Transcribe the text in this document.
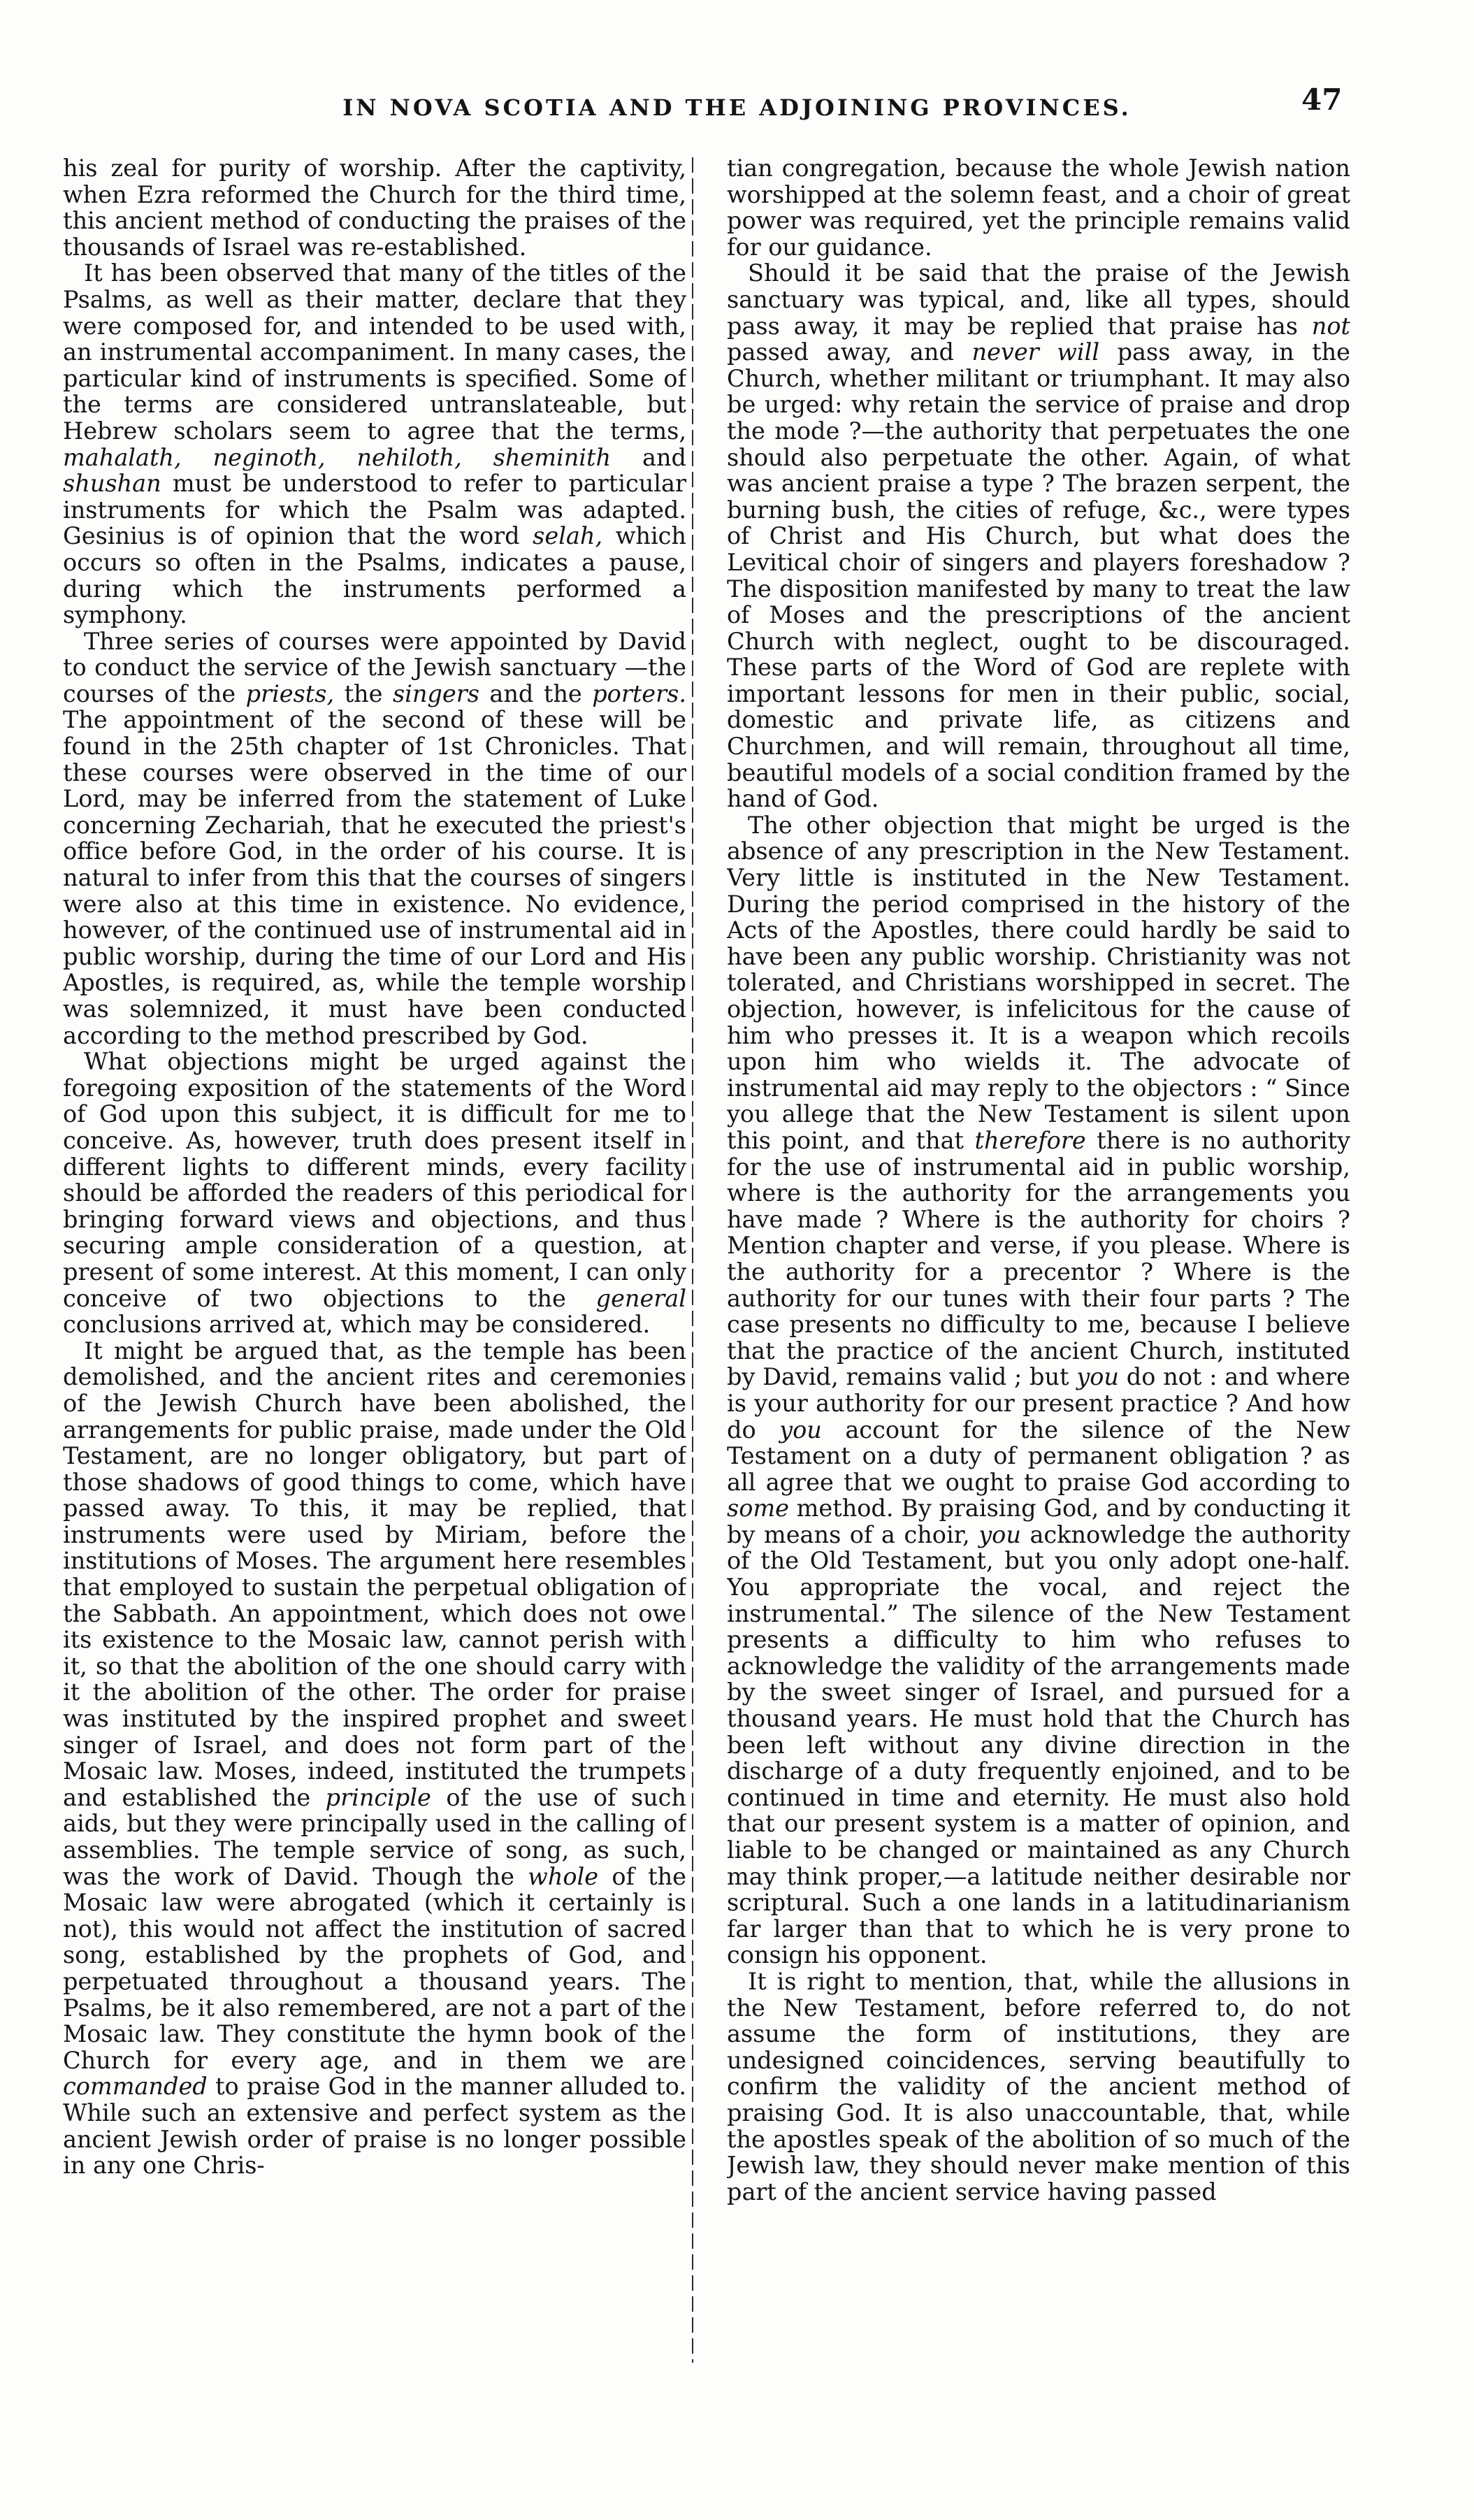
IN NOVA SCOTIA AND THE ADJOINING PROVINCES.	47

his zeal for purity of worship. After the captivity, when Ezra reformed the Church for the third time, this ancient method of conducting the praises of the thousands of Israel was re-established.

It has been observed that many of the titles of the Psalms, as well as their matter, declare that they were composed for, and intended to be used with, an instrumental accompaniment. In many cases, the particular kind of instruments is specified. Some of the terms are considered untranslateable, but Hebrew scholars seem to agree that the terms, mahalath, neginoth, nehiloth, sheminith and shushan must be understood to refer to particular instruments for which the Psalm was adapted. Gesinius is of opinion that the word selah, which occurs so often in the Psalms, indicates a pause, during which the instruments performed a symphony.

Three series of courses were appointed by David to conduct the service of the Jewish sanctuary —the courses of the priests, the singers and the porters. The appointment of the second of these will be found in the 25th chapter of 1st Chronicles. That these courses were observed in the time of our Lord, may be inferred from the statement of Luke concerning Zechariah, that he executed the priest's office before God, in the order of his course. It is natural to infer from this that the courses of singers were also at this time in existence. No evidence, however, of the continued use of instrumental aid in public worship, during the time of our Lord and His Apostles, is required, as, while the temple worship was solemnized, it must have been conducted according to the method prescribed by God.

What objections might be urged against the foregoing exposition of the statements of the Word of God upon this subject, it is difficult for me to conceive. As, however, truth does present itself in different lights to different minds, every facility should be afforded the readers of this periodical for bringing forward views and objections, and thus securing ample consideration of a question, at present of some interest. At this moment, I can only conceive of two objections to the general conclusions arrived at, which may be considered.

It might be argued that, as the temple has been demolished, and the ancient rites and ceremonies of the Jewish Church have been abolished, the arrangements for public praise, made under the Old Testament, are no longer obligatory, but part of those shadows of good things to come, which have passed away. To this, it may be replied, that instruments were used by Miriam, before the institutions of Moses. The argument here resembles that employed to sustain the perpetual obligation of the Sabbath. An appointment, which does not owe its existence to the Mosaic law, cannot perish with it, so that the abolition of the one should carry with it the abolition of the other. The order for praise was instituted by the inspired prophet and sweet singer of Israel, and does not form part of the Mosaic law. Moses, indeed, instituted the trumpets and established the principle of the use of such aids, but they were principally used in the calling of assemblies. The temple service of song, as such, was the work of David. Though the whole of the Mosaic law were abrogated (which it certainly is not), this would not affect the institution of sacred song, established by the prophets of God, and perpetuated throughout a thousand years. The Psalms, be it also remembered, are not a part of the Mosaic law. They constitute the hymn book of the Church for every age, and in them we are commanded to praise God in the manner alluded to. While such an extensive and perfect system as the ancient Jewish order of praise is no longer possible in any one Chris-

tian congregation, because the whole Jewish nation worshipped at the solemn feast, and a choir of great power was required, yet the principle remains valid for our guidance.

Should it be said that the praise of the Jewish sanctuary was typical, and, like all types, should pass away, it may be replied that praise has not passed away, and never will pass away, in the Church, whether militant or triumphant. It may also be urged: why retain the service of praise and drop the mode ?—the authority that perpetuates the one should also perpetuate the other. Again, of what was ancient praise a type ? The brazen serpent, the burning bush, the cities of refuge, &c., were types of Christ and His Church, but what does the Levitical choir of singers and players foreshadow ? The disposition manifested by many to treat the law of Moses and the prescriptions of the ancient Church with neglect, ought to be discouraged. These parts of the Word of God are replete with important lessons for men in their public, social, domestic and private life, as citizens and Churchmen, and will remain, throughout all time, beautiful models of a social condition framed by the hand of God.

The other objection that might be urged is the absence of any prescription in the New Testament. Very little is instituted in the New Testament. During the period comprised in the history of the Acts of the Apostles, there could hardly be said to have been any public worship. Christianity was not tolerated, and Christians worshipped in secret. The objection, however, is infelicitous for the cause of him who presses it. It is a weapon which recoils upon him who wields it. The advocate of instrumental aid may reply to the objectors : “ Since you allege that the New Testament is silent upon this point, and that therefore there is no authority for the use of instrumental aid in public worship, where is the authority for the arrangements you have made ? Where is the authority for choirs ? Mention chapter and verse, if you please. Where is the authority for a precentor ? Where is the authority for our tunes with their four parts ? The case presents no difficulty to me, because I believe that the practice of the ancient Church, instituted by David, remains valid ; but you do not : and where is your authority for our present practice ? And how do you account for the silence of the New Testament on a duty of permanent obligation ? as all agree that we ought to praise God according to some method. By praising God, and by conducting it by means of a choir, you acknowledge the authority of the Old Testament, but you only adopt one-half. You appropriate the vocal, and reject the instrumental.” The silence of the New Testament presents a difficulty to him who refuses to acknowledge the validity of the arrangements made by the sweet singer of Israel, and pursued for a thousand years. He must hold that the Church has been left without any divine direction in the discharge of a duty frequently enjoined, and to be continued in time and eternity. He must also hold that our present system is a matter of opinion, and liable to be changed or maintained as any Church may think proper,—a latitude neither desirable nor scriptural. Such a one lands in a latitudinarianism far larger than that to which he is very prone to consign his opponent.

It is right to mention, that, while the allusions in the New Testament, before referred to, do not assume the form of institutions, they are undesigned coincidences, serving beautifully to confirm the validity of the ancient method of praising God. It is also unaccountable, that, while the apostles speak of the abolition of so much of the Jewish law, they should never make mention of this part of the ancient service having passed
